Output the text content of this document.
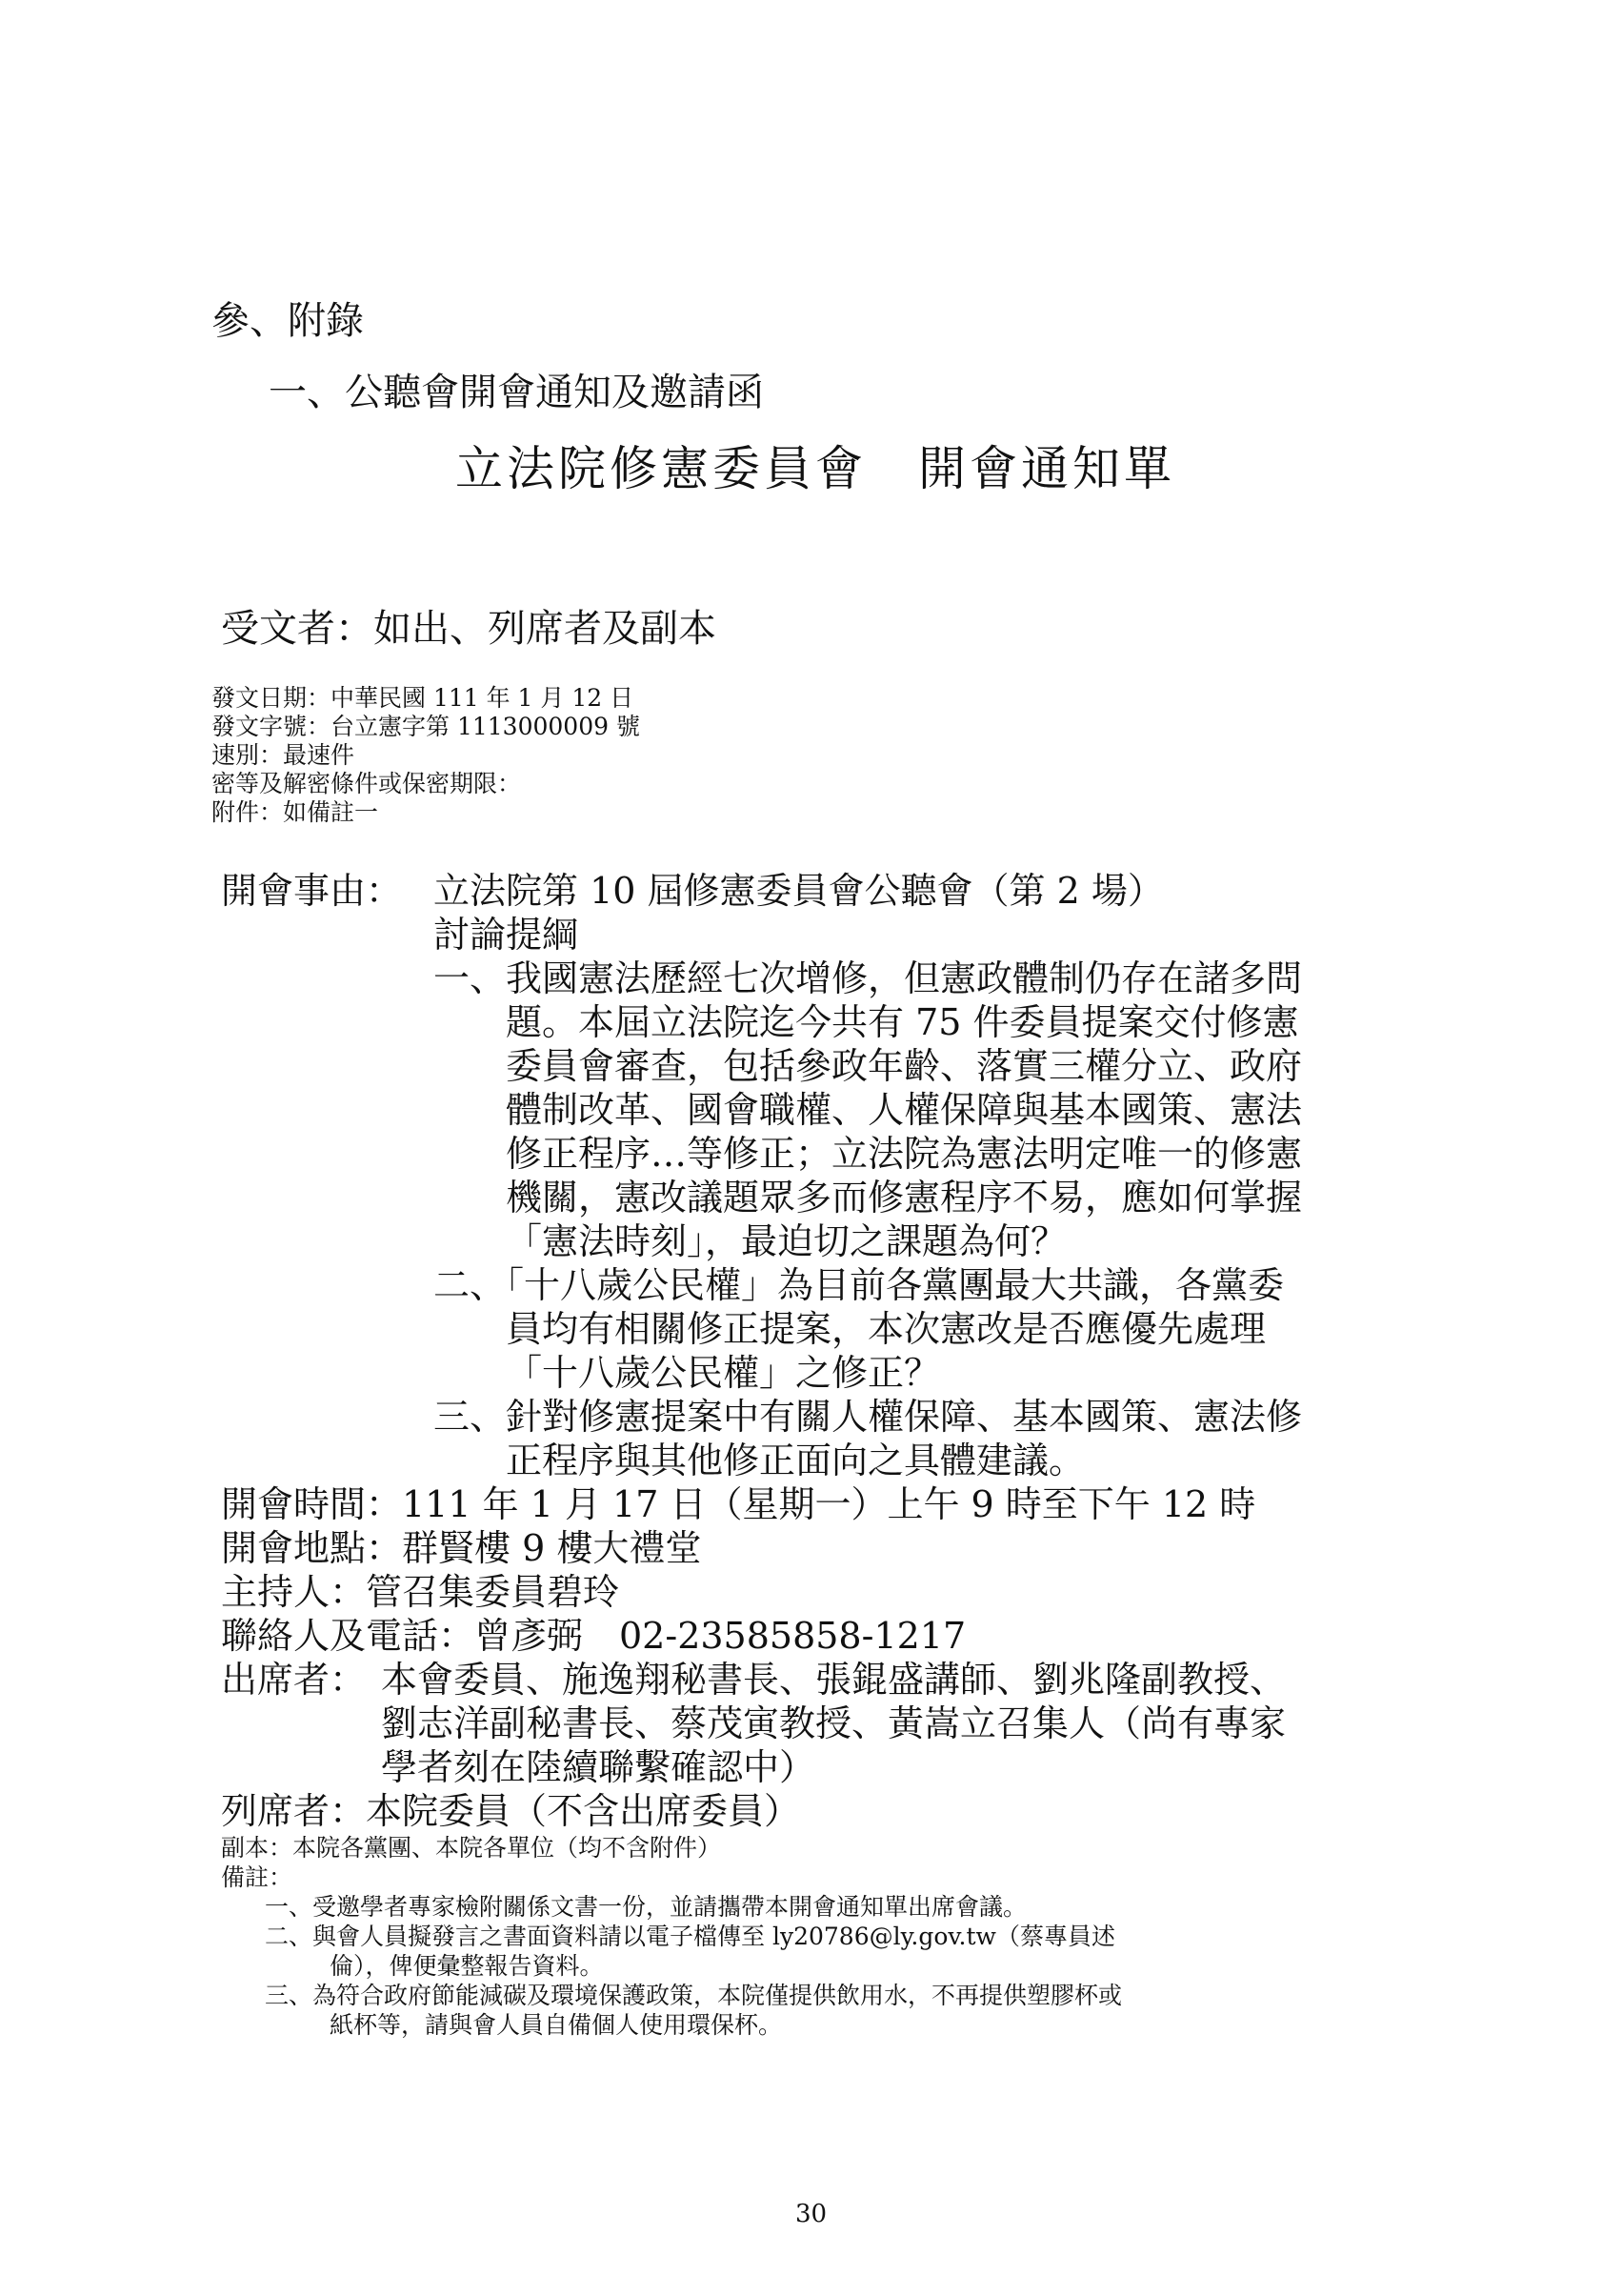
參、附錄
一、公聽會開會通知及邀請函
立法院修憲委員會　開會通知單
受文者：如出、列席者及副本
發文日期：中華民國 111 年 1 月 12 日
發文字號：台立憲字第 1113000009 號
速別：最速件
密等及解密條件或保密期限：
附件：如備註一
開會事由： 立法院第 10 屆修憲委員會公聽會（第 2 場）
討論提綱
一、我國憲法歷經七次增修，但憲政體制仍存在諸多問
題。本屆立法院迄今共有 75 件委員提案交付修憲
委員會審查，包括參政年齡、落實三權分立、政府
體制改革、國會職權、人權保障與基本國策、憲法
修正程序…等修正；立法院為憲法明定唯一的修憲
機關，憲改議題眾多而修憲程序不易，應如何掌握
「憲法時刻」，最迫切之課題為何？
二、「十八歲公民權」為目前各黨團最大共識，各黨委
員均有相關修正提案，本次憲改是否應優先處理
「十八歲公民權」之修正？
三、針對修憲提案中有關人權保障、基本國策、憲法修
正程序與其他修正面向之具體建議。
開會時間：111 年 1 月 17 日（星期一）上午 9 時至下午 12 時
開會地點：群賢樓 9 樓大禮堂
主持人：管召集委員碧玲
聯絡人及電話：曾彥弼　02-23585858-1217
出席者： 本會委員、施逸翔秘書長、張錕盛講師、劉兆隆副教授、
劉志洋副秘書長、蔡茂寅教授、黃嵩立召集人（尚有專家
學者刻在陸續聯繫確認中）
列席者：本院委員（不含出席委員）
副本：本院各黨團、本院各單位（均不含附件）
備註：
一、受邀學者專家檢附關係文書一份，並請攜帶本開會通知單出席會議。
二、與會人員擬發言之書面資料請以電子檔傳至 ly20786@ly.gov.tw（蔡專員述
倫），俾便彙整報告資料。
三、為符合政府節能減碳及環境保護政策，本院僅提供飲用水，不再提供塑膠杯或
紙杯等，請與會人員自備個人使用環保杯。
30
